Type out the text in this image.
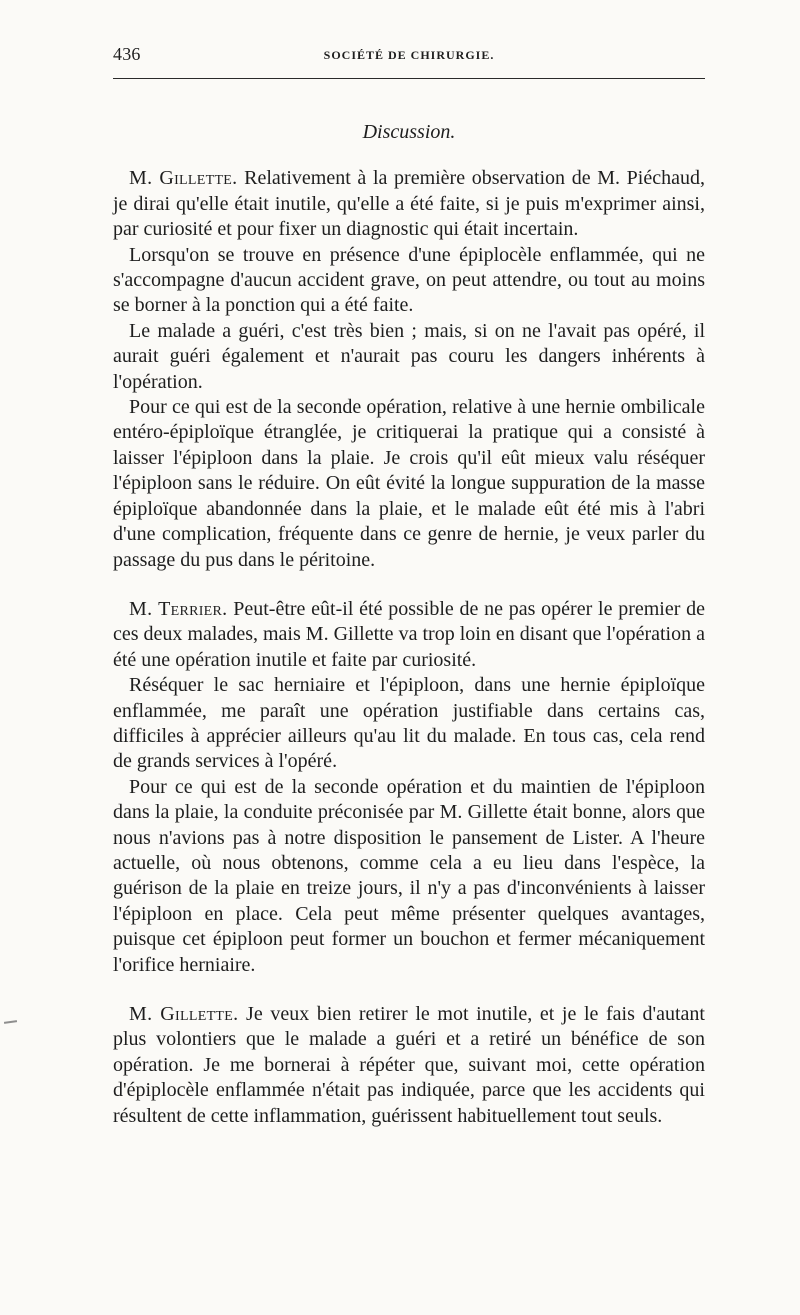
436	SOCIÉTÉ DE CHIRURGIE.
Discussion.

M. Gillette. Relativement à la première observation de M. Piéchaud, je dirai qu'elle était inutile, qu'elle a été faite, si je puis m'exprimer ainsi, par curiosité et pour fixer un diagnostic qui était incertain.

Lorsqu'on se trouve en présence d'une épiplocèle enflammée, qui ne s'accompagne d'aucun accident grave, on peut attendre, ou tout au moins se borner à la ponction qui a été faite.

Le malade a guéri, c'est très bien ; mais, si on ne l'avait pas opéré, il aurait guéri également et n'aurait pas couru les dangers inhérents à l'opération.

Pour ce qui est de la seconde opération, relative à une hernie ombilicale entéro-épiploïque étranglée, je critiquerai la pratique qui a consisté à laisser l'épiploon dans la plaie. Je crois qu'il eût mieux valu réséquer l'épiploon sans le réduire. On eût évité la longue suppuration de la masse épiploïque abandonnée dans la plaie, et le malade eût été mis à l'abri d'une complication, fréquente dans ce genre de hernie, je veux parler du passage du pus dans le péritoine.

M. Terrier. Peut-être eût-il été possible de ne pas opérer le premier de ces deux malades, mais M. Gillette va trop loin en disant que l'opération a été une opération inutile et faite par curiosité.

Réséquer le sac herniaire et l'épiploon, dans une hernie épiploïque enflammée, me paraît une opération justifiable dans certains cas, difficiles à apprécier ailleurs qu'au lit du malade. En tous cas, cela rend de grands services à l'opéré.

Pour ce qui est de la seconde opération et du maintien de l'épiploon dans la plaie, la conduite préconisée par M. Gillette était bonne, alors que nous n'avions pas à notre disposition le pansement de Lister. A l'heure actuelle, où nous obtenons, comme cela a eu lieu dans l'espèce, la guérison de la plaie en treize jours, il n'y a pas d'inconvénients à laisser l'épiploon en place. Cela peut même présenter quelques avantages, puisque cet épiploon peut former un bouchon et fermer mécaniquement l'orifice herniaire.

M. Gillette. Je veux bien retirer le mot inutile, et je le fais d'autant plus volontiers que le malade a guéri et a retiré un bénéfice de son opération. Je me bornerai à répéter que, suivant moi, cette opération d'épiplocèle enflammée n'était pas indiquée, parce que les accidents qui résultent de cette inflammation, guérissent habituellement tout seuls.
